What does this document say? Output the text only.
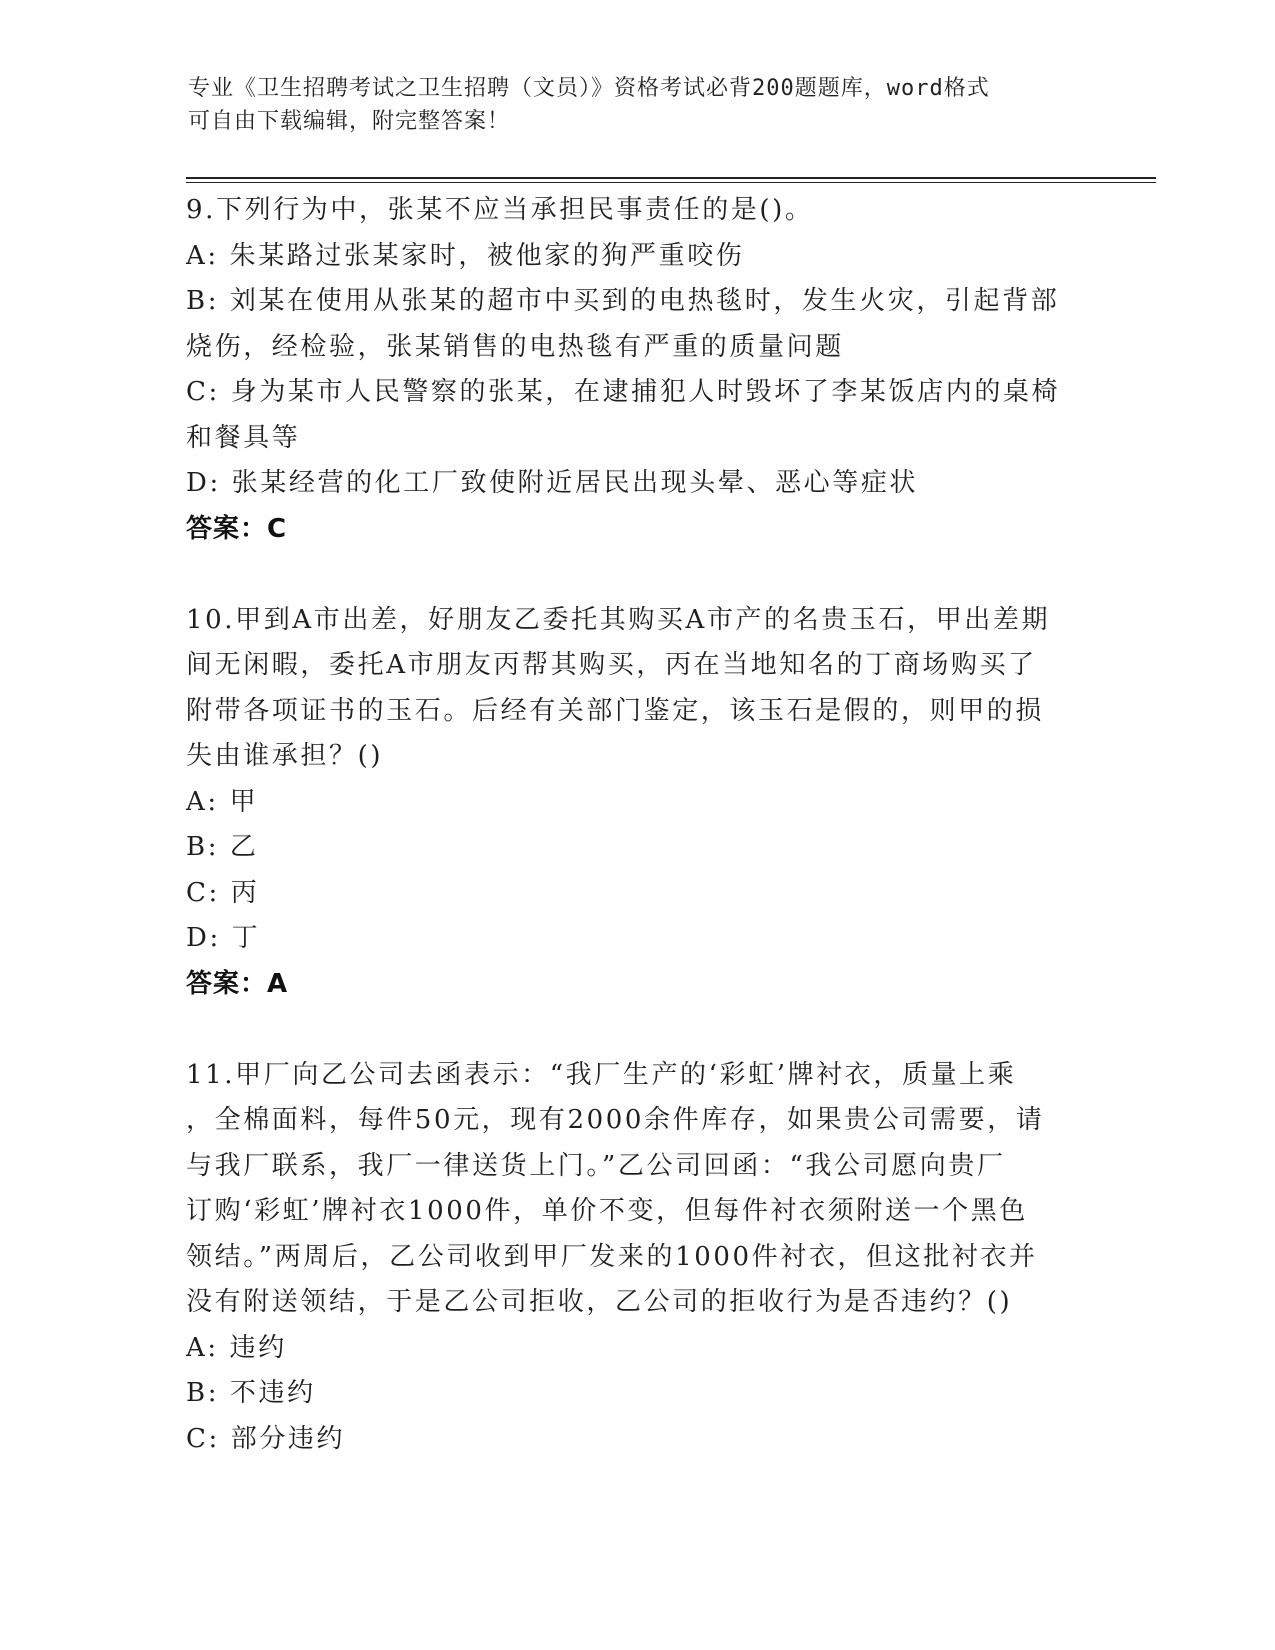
专业《卫生招聘考试之卫生招聘（文员）》资格考试必背200题题库，word格式
可自由下载编辑，附完整答案！
9.下列行为中，张某不应当承担民事责任的是()。
A: 朱某路过张某家时，被他家的狗严重咬伤
B: 刘某在使用从张某的超市中买到的电热毯时，发生火灾，引起背部
烧伤，经检验，张某销售的电热毯有严重的质量问题
C: 身为某市人民警察的张某，在逮捕犯人时毁坏了李某饭店内的桌椅
和餐具等
D: 张某经营的化工厂致使附近居民出现头晕、恶心等症状
答案：C
10.甲到A市出差，好朋友乙委托其购买A市产的名贵玉石，甲出差期
间无闲暇，委托A市朋友丙帮其购买，丙在当地知名的丁商场购买了
附带各项证书的玉石。后经有关部门鉴定，该玉石是假的，则甲的损
失由谁承担？()
A: 甲
B: 乙
C: 丙
D: 丁
答案：A
11.甲厂向乙公司去函表示：“我厂生产的‘彩虹’牌衬衣，质量上乘
，全棉面料，每件50元，现有2000余件库存，如果贵公司需要，请
与我厂联系，我厂一律送货上门。”乙公司回函：“我公司愿向贵厂
订购‘彩虹’牌衬衣1000件，单价不变，但每件衬衣须附送一个黑色
领结。”两周后，乙公司收到甲厂发来的1000件衬衣，但这批衬衣并
没有附送领结，于是乙公司拒收，乙公司的拒收行为是否违约？()
A: 违约
B: 不违约
C: 部分违约
